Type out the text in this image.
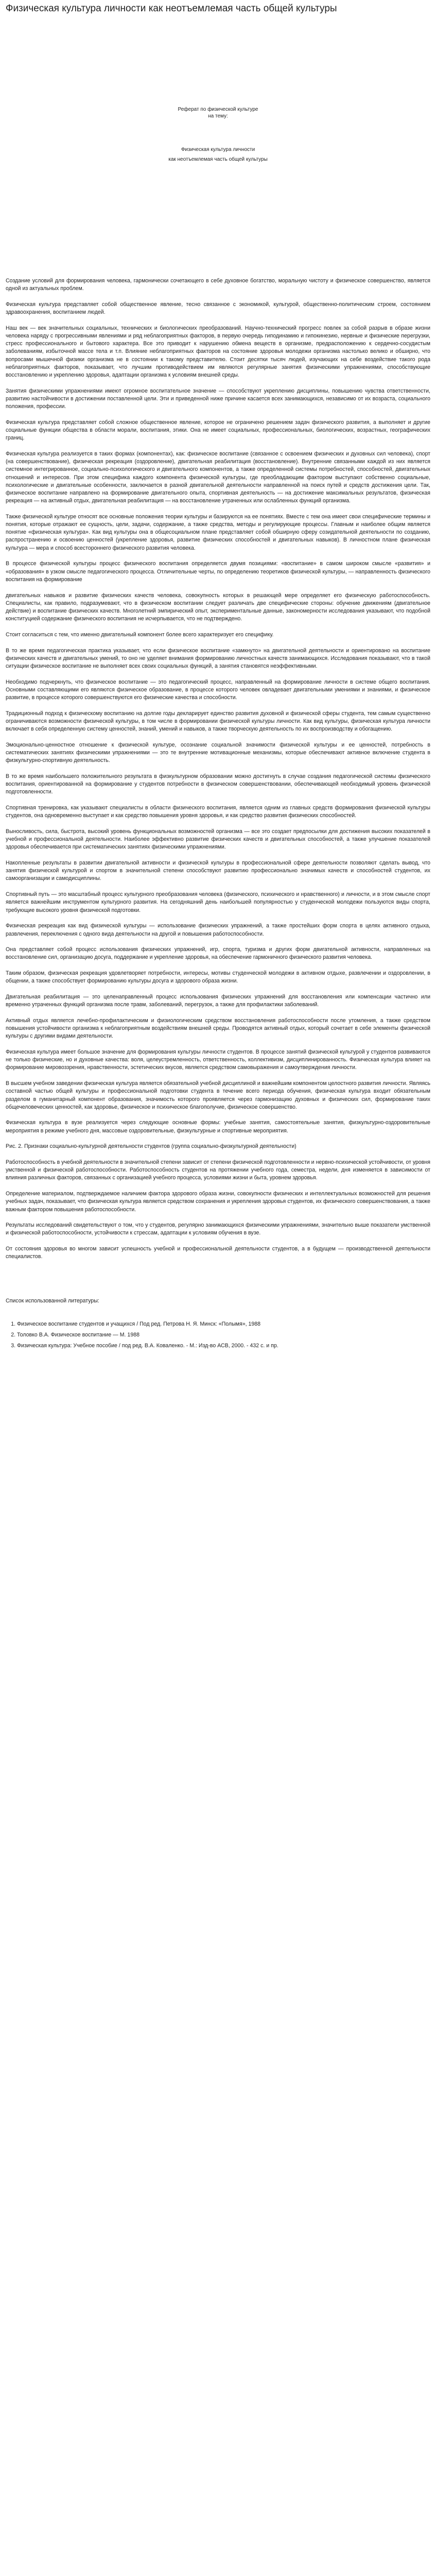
Физическая культура личности как неотъемлемая часть общей культуры

Реферат по физической культуре

на тему:

Физическая культура личности

как неотъемлемая часть общей культуры

Создание условий для формирования человека, гармонически сочетающего в себе духовное богатство, моральную чистоту и физическое совершенство, является одной из актуальных проблем.

Физическая культура представляет собой общественное явление, тесно связанное с экономикой, культурой, общественно-политическим строем, состоянием здравоохранения, воспитанием людей.

Наш век — век значительных социальных, технических и биологических преобразований. Научно-технический прогресс повлек за собой разрыв в образе жизни человека наряду с прогрессивными явлениями и ряд неблагоприятных факторов, в первую очередь гиподинамию и гипокинезию, нервные и физические перегрузки, стресс профессионального и бытового характера. Все это приводит к нарушению обмена веществ в организме, предрасположению к сердечно-сосудистым заболеваниям, избыточной массе тела и т.п. Влияние неблагоприятных факторов на состояние здоровья молодежи организма настолько велико и обширно, что вопросами мышечной физики организма не в состоянии к такому представителю. Стоит десятки тысяч людей, изучающих на себе воздействие такого рода неблагоприятных факторов, показывает, что лучшим противодействием им являются регулярные занятия физическими упражнениями, способствующие восстановлению и укреплению здоровья, адаптации организма к условиям внешней среды.

Занятия физическими упражнениями имеют огромное воспитательное значение — способствуют укреплению дисциплины, повышению чувства ответственности, развитию настойчивости в достижении поставленной цели. Эти и приведенной ниже причине касается всех занимающихся, независимо от их возраста, социального положения, профессии.

Физическая культура представляет собой сложное общественное явление, которое не ограничено решением задач физического развития, а выполняет и другие социальные функции общества в области морали, воспитания, этики. Она не имеет социальных, профессиональных, биологических, возрастных, географических границ.

Физическая культура реализуется в таких формах (компонентах), как: физическое воспитание (связанное с освоением физических и духовных сил человека), спорт (на совершенствование), физическая рекреация (оздоровление), двигательная реабилитация (восстановление). Внутренние связанными каждой из них является системное интегрированное, социально-психологического и двигательного компонентов, а также определенной системы потребностей, способностей, двигательных отношений и интересов. При этом специфика каждого компонента физической культуры, где преобладающим фактором выступают собственно социальные, психологические и двигательные особенности, заключается в разной двигательной деятельности направленной на поиск путей и средств достижения цели. Так, физическое воспитание направлено на формирование двигательного опыта, спортивная деятельность — на достижение максимальных результатов, физическая рекреация — на активный отдых, двигательная реабилитация — на восстановление утраченных или ослабленных функций организма.

Также физической культуре относят все основные положения теории культуры и базируются на ее понятиях. Вместе с тем она имеет свои специфические термины и понятия, которые отражают ее сущность, цели, задачи, содержание, а также средства, методы и регулирующие процессы. Главным и наиболее общим является понятие «физическая культура». Как вид культуры она в общесоциальном плане представляет собой обширную сферу созидательной деятельности по созданию, распространению и освоению ценностей (укрепление здоровья, развитие физических способностей и двигательных навыков). В личностном плане физическая культура — мера и способ всестороннего физического развития человека.

В процессе физической культуры процесс физического воспитания определяется двумя позициями: «воспитание» в самом широком смысле «развития» и «образования» в узком смысле педагогического процесса. Отличительные черты, по определению теоретиков физической культуры, — направленность физического воспитания на формирование

двигательных навыков и развитие физических качеств человека, совокупность которых в решающей мере определяет его физическую работоспособность. Специалисты, как правило, подразумевают, что в физическом воспитании следует различать две специфические стороны: обучение движениям (двигательное действие) и воспитание физических качеств. Многолетний эмпирический опыт, экспериментальные данные, закономерности исследования указывают, что подобной конституцией содержание физического воспитания не исчерпывается, что не подтверждено.

Стоит согласиться с тем, что именно двигательный компонент более всего характеризует его специфику.

В то же время педагогическая практика указывает, что если физическое воспитание «замкнуто» на двигательной деятельности и ориентировано на воспитание физических качеств и двигательных умений, то оно не уделяет внимания формированию личностных качеств занимающихся. Исследования показывают, что в такой ситуации физическое воспитание не выполняет всех своих социальных функций, а занятия становятся неэффективными.

Необходимо подчеркнуть, что физическое воспитание — это педагогический процесс, направленный на формирование личности в системе общего воспитания. Основными составляющими его являются физическое образование, в процессе которого человек овладевает двигательными умениями и знаниями, и физическое развитие, в процессе которого совершенствуются его физические качества и способности.

Традиционный подход к физическому воспитанию на долгие годы декларирует единство развития духовной и физической сферы студента, тем самым существенно ограничиваются возможности физической культуры, в том числе в формировании физической культуры личности. Как вид культуры, физическая культура личности включает в себя определенную систему ценностей, знаний, умений и навыков, а также творческую деятельность по их воспроизводству и обогащению.

Эмоционально-ценностное отношение к физической культуре, осознание социальной значимости физической культуры и ее ценностей, потребность в систематических занятиях физическими упражнениями — это те внутренние мотивационные механизмы, которые обеспечивают активное включение студента в физкультурно-спортивную деятельность.

В то же время наибольшего положительного результата в физкультурном образовании можно достигнуть в случае создания педагогической системы физического воспитания, ориентированной на формирование у студентов потребности в физическом совершенствовании, обеспечивающей необходимый уровень физической подготовленности.

Спортивная тренировка, как указывают специалисты в области физического воспитания, является одним из главных средств формирования физической культуры студентов, она одновременно выступает и как средство повышения уровня здоровья, и как средство развития физических способностей.

Выносливость, сила, быстрота, высокий уровень функциональных возможностей организма — все это создает предпосылки для достижения высоких показателей в учебной и профессиональной деятельности. Наиболее эффективно развитие физических качеств и двигательных способностей, а также улучшение показателей здоровья обеспечивается при систематических занятиях физическими упражнениями.

Накопленные результаты в развитии двигательной активности и физической культуры в профессиональной сфере деятельности позволяют сделать вывод, что занятия физической культурой и спортом в значительной степени способствуют развитию профессионально значимых качеств и способностей студентов, их самоорганизации и самодисциплины.

Спортивный путь — это масштабный процесс культурного преобразования человека (физического, психического и нравственного) и личности, и в этом смысле спорт является важнейшим инструментом культурного развития. На сегодняшний день наибольшей популярностью у студенческой молодежи пользуются виды спорта, требующие высокого уровня физической подготовки.

Физическая рекреация как вид физической культуры — использование физических упражнений, а также простейших форм спорта в целях активного отдыха, развлечения, переключения с одного вида деятельности на другой и повышения работоспособности.

Она представляет собой процесс использования физических упражнений, игр, спорта, туризма и других форм двигательной активности, направленных на восстановление сил, организацию досуга, поддержание и укрепление здоровья, на обеспечение гармоничного физического развития человека.

Таким образом, физическая рекреация удовлетворяет потребности, интересы, мотивы студенческой молодежи в активном отдыхе, развлечении и оздоровлении, в общении, а также способствует формированию культуры досуга и здорового образа жизни.

Двигательная реабилитация — это целенаправленный процесс использования физических упражнений для восстановления или компенсации частично или временно утраченных функций организма после травм, заболеваний, перегрузок, а также для профилактики заболеваний.

Активный отдых является лечебно-профилактическим и физиологическим средством восстановления работоспособности после утомления, а также средством повышения устойчивости организма к неблагоприятным воздействиям внешней среды. Проводятся активный отдых, который сочетает в себе элементы физической культуры с другими видами деятельности.

Физическая культура имеет большое значение для формирования культуры личности студентов. В процессе занятий физической культурой у студентов развиваются не только физические, но и духовные качества: воля, целеустремленность, ответственность, коллективизм, дисциплинированность. Физическая культура влияет на формирование мировоззрения, нравственности, эстетических вкусов, является средством самовыражения и самоутверждения личности.

В высшем учебном заведении физическая культура является обязательной учебной дисциплиной и важнейшим компонентом целостного развития личности. Являясь составной частью общей культуры и профессиональной подготовки студента в течение всего периода обучения, физическая культура входит обязательным разделом в гуманитарный компонент образования, значимость которого проявляется через гармонизацию духовных и физических сил, формирование таких общечеловеческих ценностей, как здоровье, физическое и психическое благополучие, физическое совершенство.

Физическая культура в вузе реализуется через следующие основные формы: учебные занятия, самостоятельные занятия, физкультурно-оздоровительные мероприятия в режиме учебного дня, массовые оздоровительные, физкультурные и спортивные мероприятия.

Рис. 2. Признаки социально-культурной деятельности студентов (группа социально-физкультурной деятельности)

Работоспособность в учебной деятельности в значительной степени зависит от степени физической подготовленности и нервно-психической устойчивости, от уровня умственной и физической работоспособности. Работоспособность студентов на протяжении учебного года, семестра, недели, дня изменяется в зависимости от влияния различных факторов, связанных с организацией учебного процесса, условиями жизни и быта, уровнем здоровья.

Определение материалом, подтверждаемое наличием фактора здорового образа жизни, совокупности физических и интеллектуальных возможностей для решения учебных задач, показывает, что физическая культура является средством сохранения и укрепления здоровья студентов, их физического совершенствования, а также важным фактором повышения работоспособности.

Результаты исследований свидетельствуют о том, что у студентов, регулярно занимающихся физическими упражнениями, значительно выше показатели умственной и физической работоспособности, устойчивости к стрессам, адаптации к условиям обучения в вузе.

От состояния здоровья во многом зависит успешность учебной и профессиональной деятельности студентов, а в будущем — производственной деятельности специалистов.

Список использованной литературы:

1. Физическое воспитание студентов и учащихся / Под ред. Петрова Н. Я. Минск: «Полымя», 1988
2. Толовко В.А. Физическое воспитание — М. 1988
3. Физическая культура: Учебное пособие / под ред. В.А. Коваленко. - М.: Изд-во АСВ, 2000. - 432 с. и пр.
